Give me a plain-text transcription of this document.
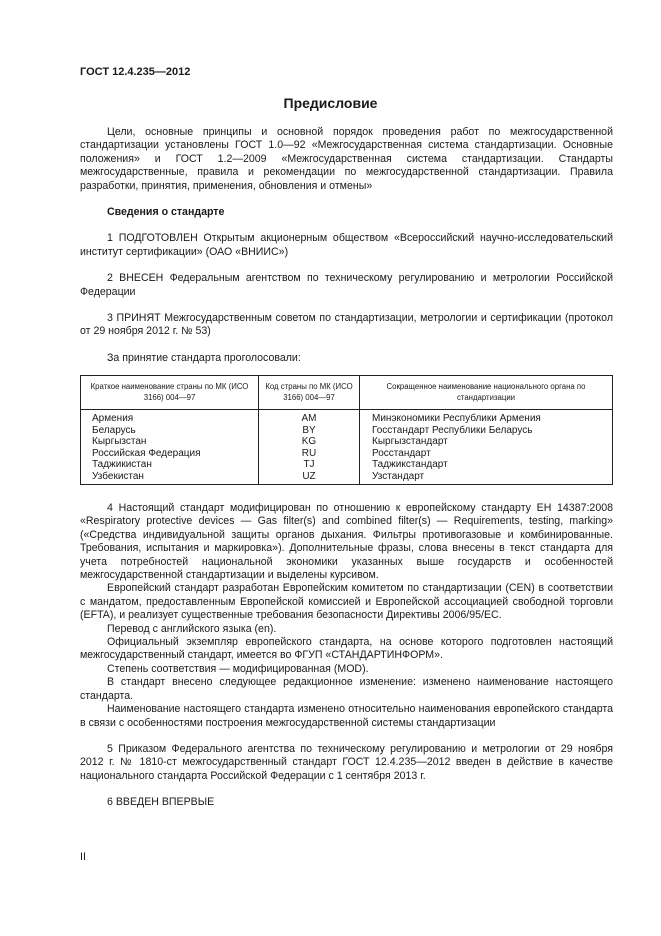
ГОСТ 12.4.235—2012

Предисловие

Цели, основные принципы и основной порядок проведения работ по межгосударственной стандартизации установлены ГОСТ 1.0—92 «Межгосударственная система стандартизации. Основные положения» и ГОСТ 1.2—2009 «Межгосударственная система стандартизации. Стандарты межгосударственные, правила и рекомендации по межгосударственной стандартизации. Правила разработки, принятия, применения, обновления и отмены»

Сведения о стандарте

1 ПОДГОТОВЛЕН Открытым акционерным обществом «Всероссийский научно-исследовательский институт сертификации» (ОАО «ВНИИС»)

2 ВНЕСЕН Федеральным агентством по техническому регулированию и метрологии Российской Федерации

3 ПРИНЯТ Межгосударственным советом по стандартизации, метрологии и сертификации (протокол от 29 ноября 2012 г. № 53)

За принятие стандарта проголосовали:

Краткое наименование страны по МК (ИСО 3166) 004—97	Код страны по МК (ИСО 3166) 004—97	Сокращенное наименование национального органа по стандартизации
Армения	AM	Минэкономики Республики Армения
Беларусь	BY	Госстандарт Республики Беларусь
Кыргызстан	KG	Кыргызстандарт
Российская Федерация	RU	Росстандарт
Таджикистан	TJ	Таджикстандарт
Узбекистан	UZ	Узстандарт

4 Настоящий стандарт модифицирован по отношению к европейскому стандарту ЕН 14387:2008 «Respiratory protective devices — Gas filter(s) and combined filter(s) — Requirements, testing, marking» («Средства индивидуальной защиты органов дыхания. Фильтры противогазовые и комбинированные. Требования, испытания и маркировка»). Дополнительные фразы, слова внесены в текст стандарта для учета потребностей национальной экономики указанных выше государств и особенностей межгосударственной стандартизации и выделены курсивом.

Европейский стандарт разработан Европейским комитетом по стандартизации (CEN) в соответствии с мандатом, предоставленным Европейской комиссией и Европейской ассоциацией свободной торговли (EFTA), и реализует существенные требования безопасности Директивы 2006/95/ЕС.

Перевод с английского языка (en).

Официальный экземпляр европейского стандарта, на основе которого подготовлен настоящий межгосударственный стандарт, имеется во ФГУП «СТАНДАРТИНФОРМ».

Степень соответствия — модифицированная (MOD).

В стандарт внесено следующее редакционное изменение: изменено наименование настоящего стандарта.

Наименование настоящего стандарта изменено относительно наименования европейского стандарта в связи с особенностями построения межгосударственной системы стандартизации

5 Приказом Федерального агентства по техническому регулированию и метрологии от 29 ноября 2012 г. № 1810-ст межгосударственный стандарт ГОСТ 12.4.235—2012 введен в действие в качестве национального стандарта Российской Федерации с 1 сентября 2013 г.

6 ВВЕДЕН ВПЕРВЫЕ

II
